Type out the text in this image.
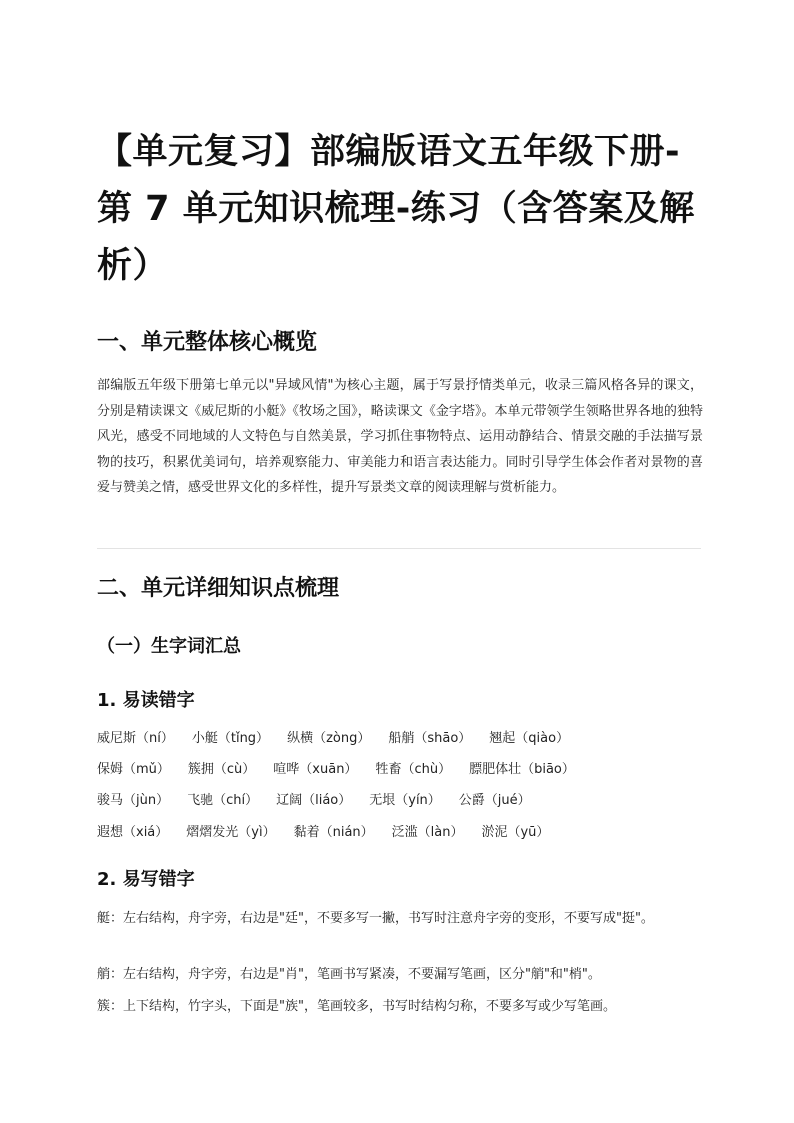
【单元复习】部编版语文五年级下册-第 7 单元知识梳理-练习（含答案及解析）
一、单元整体核心概览

部编版五年级下册第七单元以"异域风情"为核心主题，属于写景抒情类单元，收录三篇风格各异的课文，分别是精读课文《威尼斯的小艇》《牧场之国》，略读课文《金字塔》。本单元带领学生领略世界各地的独特风光，感受不同地域的人文特色与自然美景，学习抓住事物特点、运用动静结合、情景交融的手法描写景物的技巧，积累优美词句，培养观察能力、审美能力和语言表达能力。同时引导学生体会作者对景物的喜爱与赞美之情，感受世界文化的多样性，提升写景类文章的阅读理解与赏析能力。

二、单元详细知识点梳理
（一）生字词汇总
1. 易读错字
威尼斯（ní） 小艇（tǐng） 纵横（zòng） 船艄（shāo） 翘起（qiào）
保姆（mǔ） 簇拥（cù） 喧哗（xuān） 牲畜（chù） 膘肥体壮（biāo）
骏马（jùn） 飞驰（chí） 辽阔（liáo） 无垠（yín） 公爵（jué）
遐想（xiá） 熠熠发光（yì） 黏着（nián） 泛滥（làn） 淤泥（yū）
2. 易写错字

艇：左右结构，舟字旁，右边是"廷"，不要多写一撇，书写时注意舟字旁的变形，不要写成"挺"。

艄：左右结构，舟字旁，右边是"肖"，笔画书写紧凑，不要漏写笔画，区分"艄"和"梢"。

簇：上下结构，竹字头，下面是"族"，笔画较多，书写时结构匀称，不要多写或少写笔画。
